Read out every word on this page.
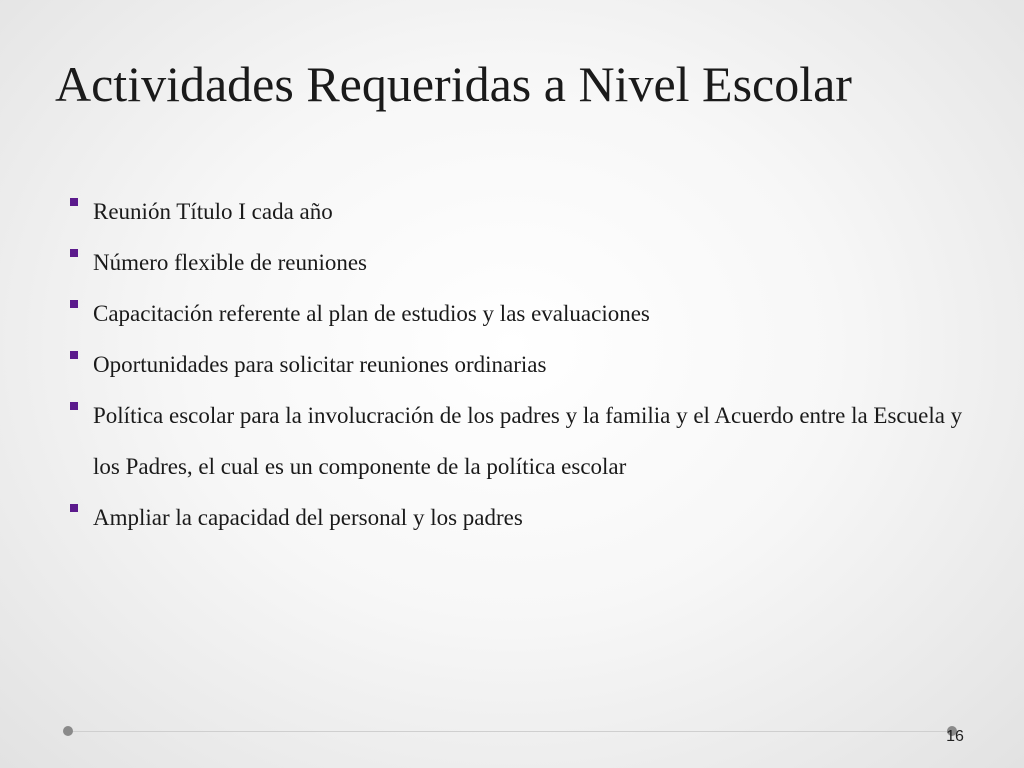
Actividades Requeridas a Nivel Escolar
Reunión Título I cada año
Número flexible de reuniones
Capacitación referente al plan de estudios y las evaluaciones
Oportunidades para solicitar reuniones ordinarias
Política escolar para la involucración de los padres y la familia y el Acuerdo entre la Escuela y los Padres, el cual es un componente de la política escolar
Ampliar la capacidad del personal y los padres
16
